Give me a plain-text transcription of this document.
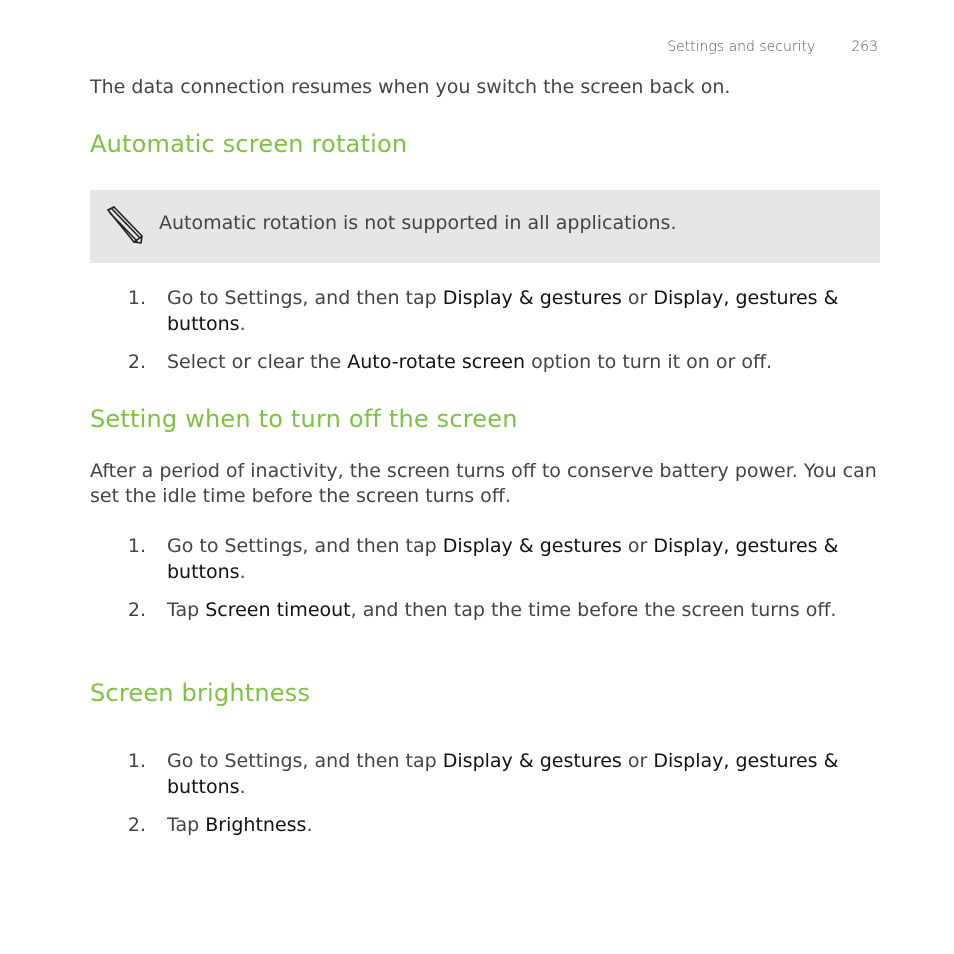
Settings and security	263
The data connection resumes when you switch the screen back on.
Automatic screen rotation
Automatic rotation is not supported in all applications.
1. Go to Settings, and then tap Display & gestures or Display, gestures & buttons.
2. Select or clear the Auto-rotate screen option to turn it on or off.
Setting when to turn off the screen
After a period of inactivity, the screen turns off to conserve battery power. You can set the idle time before the screen turns off.
1. Go to Settings, and then tap Display & gestures or Display, gestures & buttons.
2. Tap Screen timeout, and then tap the time before the screen turns off.
Screen brightness
1. Go to Settings, and then tap Display & gestures or Display, gestures & buttons.
2. Tap Brightness.
